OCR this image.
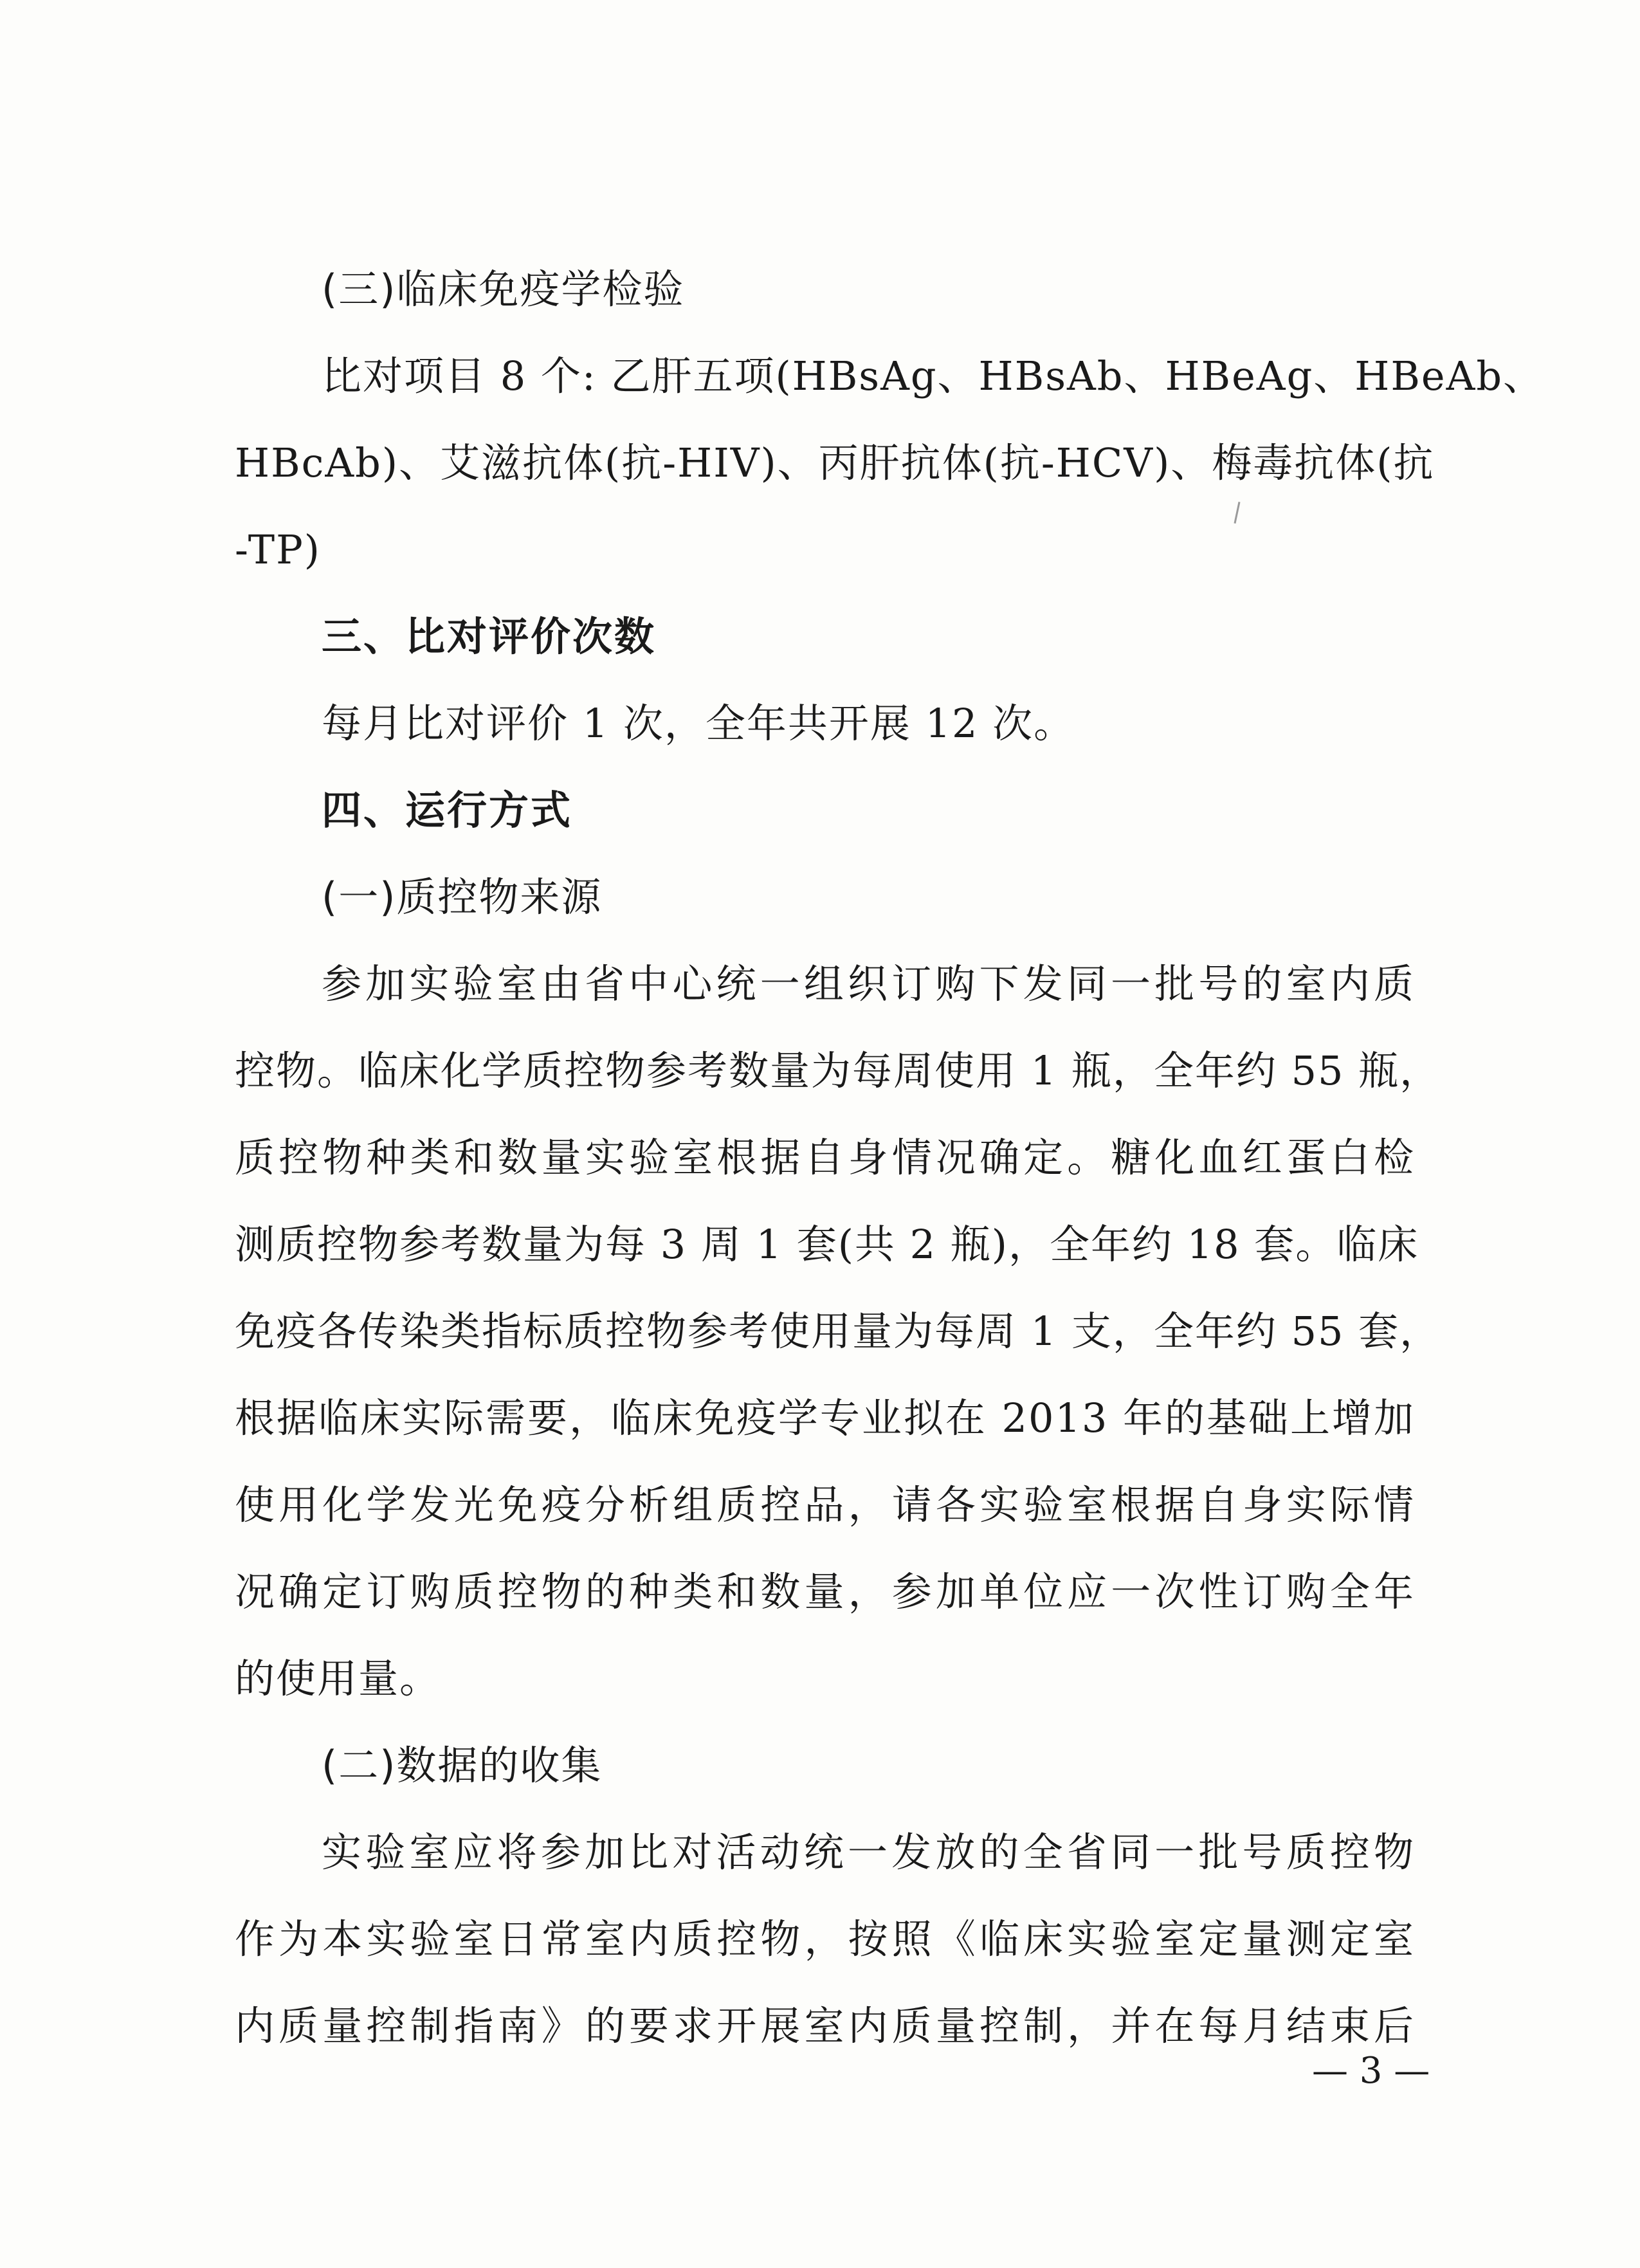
(三)临床免疫学检验
比对项目 8 个: 乙肝五项(HBsAg、HBsAb、HBeAg、HBeAb、
HBcAb)、艾滋抗体(抗-HIV)、丙肝抗体(抗-HCV)、梅毒抗体(抗
-TP)
三、比对评价次数
每月比对评价 1 次，全年共开展 12 次。
四、运行方式
(一)质控物来源
参加实验室由省中心统一组织订购下发同一批号的室内质
控物。临床化学质控物参考数量为每周使用 1 瓶，全年约 55 瓶，
质控物种类和数量实验室根据自身情况确定。糖化血红蛋白检
测质控物参考数量为每 3 周 1 套(共 2 瓶)，全年约 18 套。临床
免疫各传染类指标质控物参考使用量为每周 1 支，全年约 55 套，
根据临床实际需要，临床免疫学专业拟在 2013 年的基础上增加
使用化学发光免疫分析组质控品，请各实验室根据自身实际情
况确定订购质控物的种类和数量，参加单位应一次性订购全年
的使用量。
(二)数据的收集
实验室应将参加比对活动统一发放的全省同一批号质控物
作为本实验室日常室内质控物，按照《临床实验室定量测定室
内质量控制指南》的要求开展室内质量控制，并在每月结束后
— 3 —
